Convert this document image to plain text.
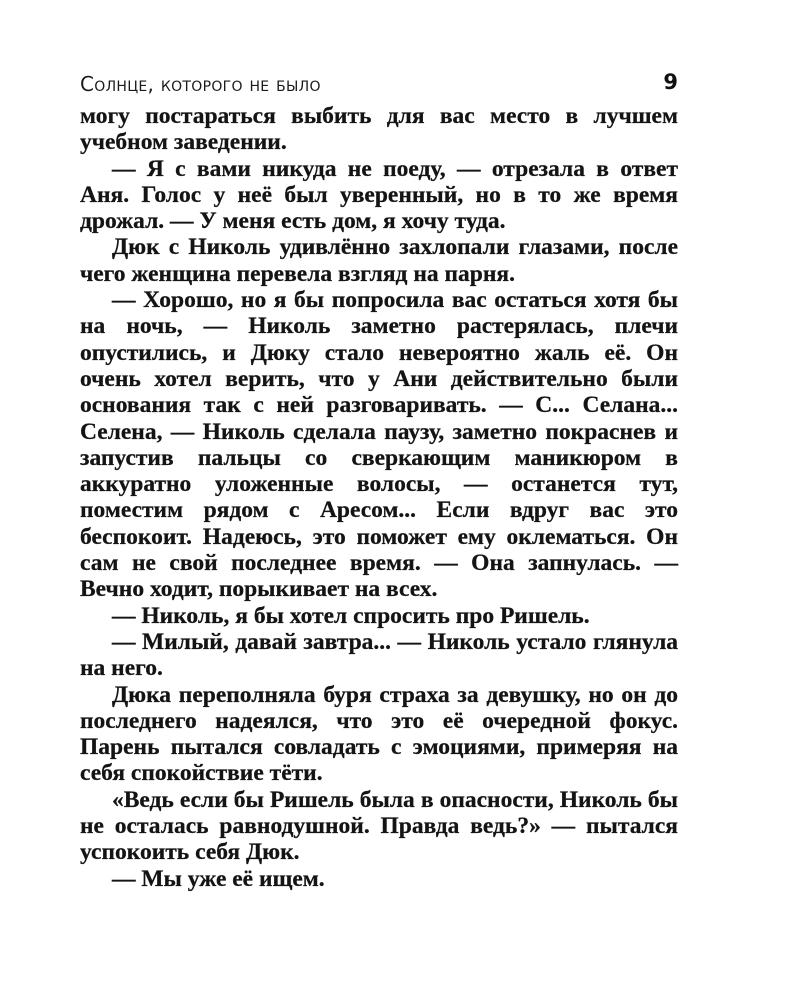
Солнце, которого не было	9

могу постараться выбить для вас место в лучшем учебном заведении.

— Я с вами никуда не поеду, — отрезала в ответ Аня. Голос у неё был уверенный, но в то же время дрожал. — У меня есть дом, я хочу туда.

Дюк с Николь удивлённо захлопали глазами, после чего женщина перевела взгляд на парня.

— Хорошо, но я бы попросила вас остаться хотя бы на ночь, — Николь заметно растерялась, плечи опустились, и Дюку стало невероятно жаль её. Он очень хотел верить, что у Ани действительно были основания так с ней разговаривать. — С... Селана... Селена, — Николь сделала паузу, заметно покраснев и запустив пальцы со сверкающим маникюром в аккуратно уложенные волосы, — останется тут, поместим рядом с Аресом... Если вдруг вас это беспокоит. Надеюсь, это поможет ему оклематься. Он сам не свой последнее время. — Она запнулась. — Вечно ходит, порыкивает на всех.

— Николь, я бы хотел спросить про Ришель.

— Милый, давай завтра... — Николь устало глянула на него.

Дюка переполняла буря страха за девушку, но он до последнего надеялся, что это её очередной фокус. Парень пытался совладать с эмоциями, примеряя на себя спокойствие тёти.

«Ведь если бы Ришель была в опасности, Николь бы не осталась равнодушной. Правда ведь?» — пытался успокоить себя Дюк.

— Мы уже её ищем.
